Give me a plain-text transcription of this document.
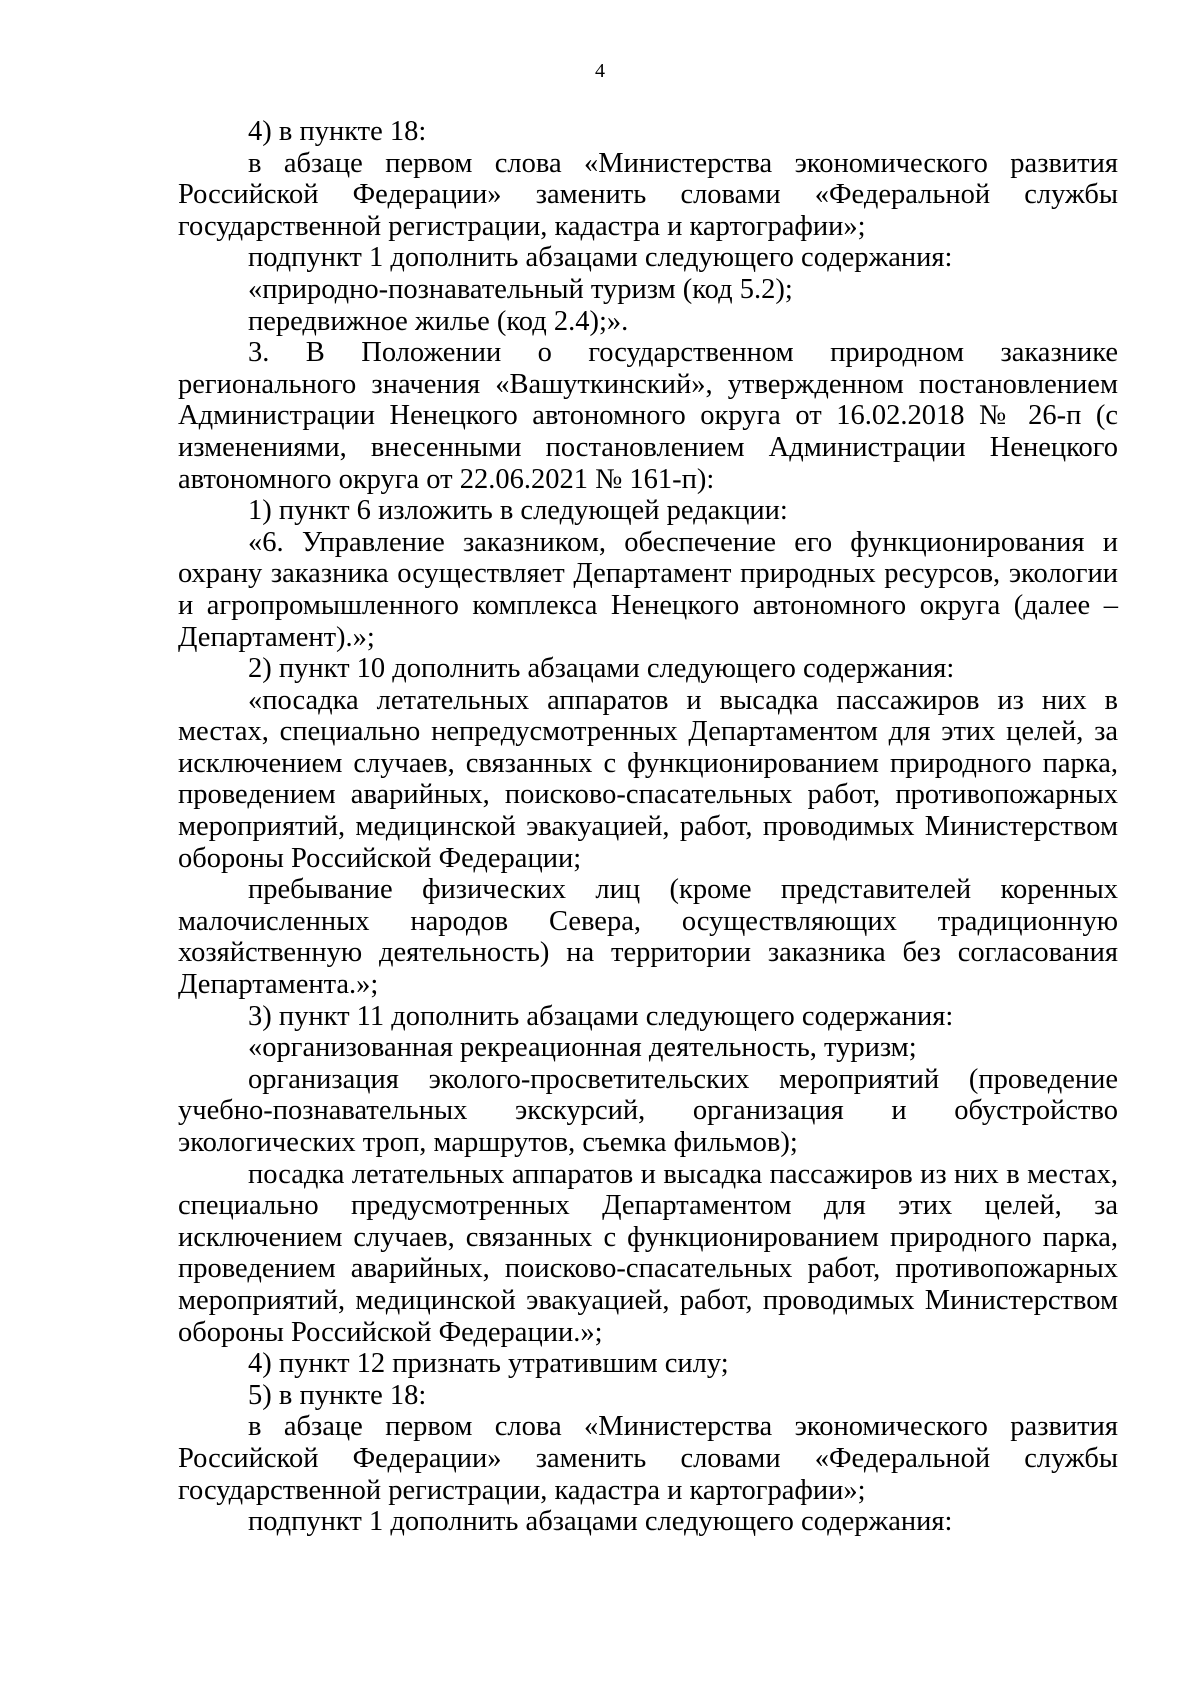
4

4) в пункте 18:

в абзаце первом слова «Министерства экономического развития Российской Федерации» заменить словами «Федеральной службы государственной регистрации, кадастра и картографии»;

подпункт 1 дополнить абзацами следующего содержания:

«природно-познавательный туризм (код 5.2);

передвижное жилье (код 2.4);».

3. В Положении о государственном природном заказнике регионального значения «Вашуткинский», утвержденном постановлением Администрации Ненецкого автономного округа от 16.02.2018 № 26-п (с изменениями, внесенными постановлением Администрации Ненецкого автономного округа от 22.06.2021 № 161-п):

1) пункт 6 изложить в следующей редакции:

«6. Управление заказником, обеспечение его функционирования и охрану заказника осуществляет Департамент природных ресурсов, экологии и агропромышленного комплекса Ненецкого автономного округа (далее – Департамент).»;

2) пункт 10 дополнить абзацами следующего содержания:

«посадка летательных аппаратов и высадка пассажиров из них в местах, специально непредусмотренных Департаментом для этих целей, за исключением случаев, связанных с функционированием природного парка, проведением аварийных, поисково-спасательных работ, противопожарных мероприятий, медицинской эвакуацией, работ, проводимых Министерством обороны Российской Федерации;

пребывание физических лиц (кроме представителей коренных малочисленных народов Севера, осуществляющих традиционную хозяйственную деятельность) на территории заказника без согласования Департамента.»;

3) пункт 11 дополнить абзацами следующего содержания:

«организованная рекреационная деятельность, туризм;

организация эколого-просветительских мероприятий (проведение учебно-познавательных экскурсий, организация и обустройство экологических троп, маршрутов, съемка фильмов);

посадка летательных аппаратов и высадка пассажиров из них в местах, специально предусмотренных Департаментом для этих целей, за исключением случаев, связанных с функционированием природного парка, проведением аварийных, поисково-спасательных работ, противопожарных мероприятий, медицинской эвакуацией, работ, проводимых Министерством обороны Российской Федерации.»;

4) пункт 12 признать утратившим силу;

5) в пункте 18:

в абзаце первом слова «Министерства экономического развития Российской Федерации» заменить словами «Федеральной службы государственной регистрации, кадастра и картографии»;

подпункт 1 дополнить абзацами следующего содержания:
